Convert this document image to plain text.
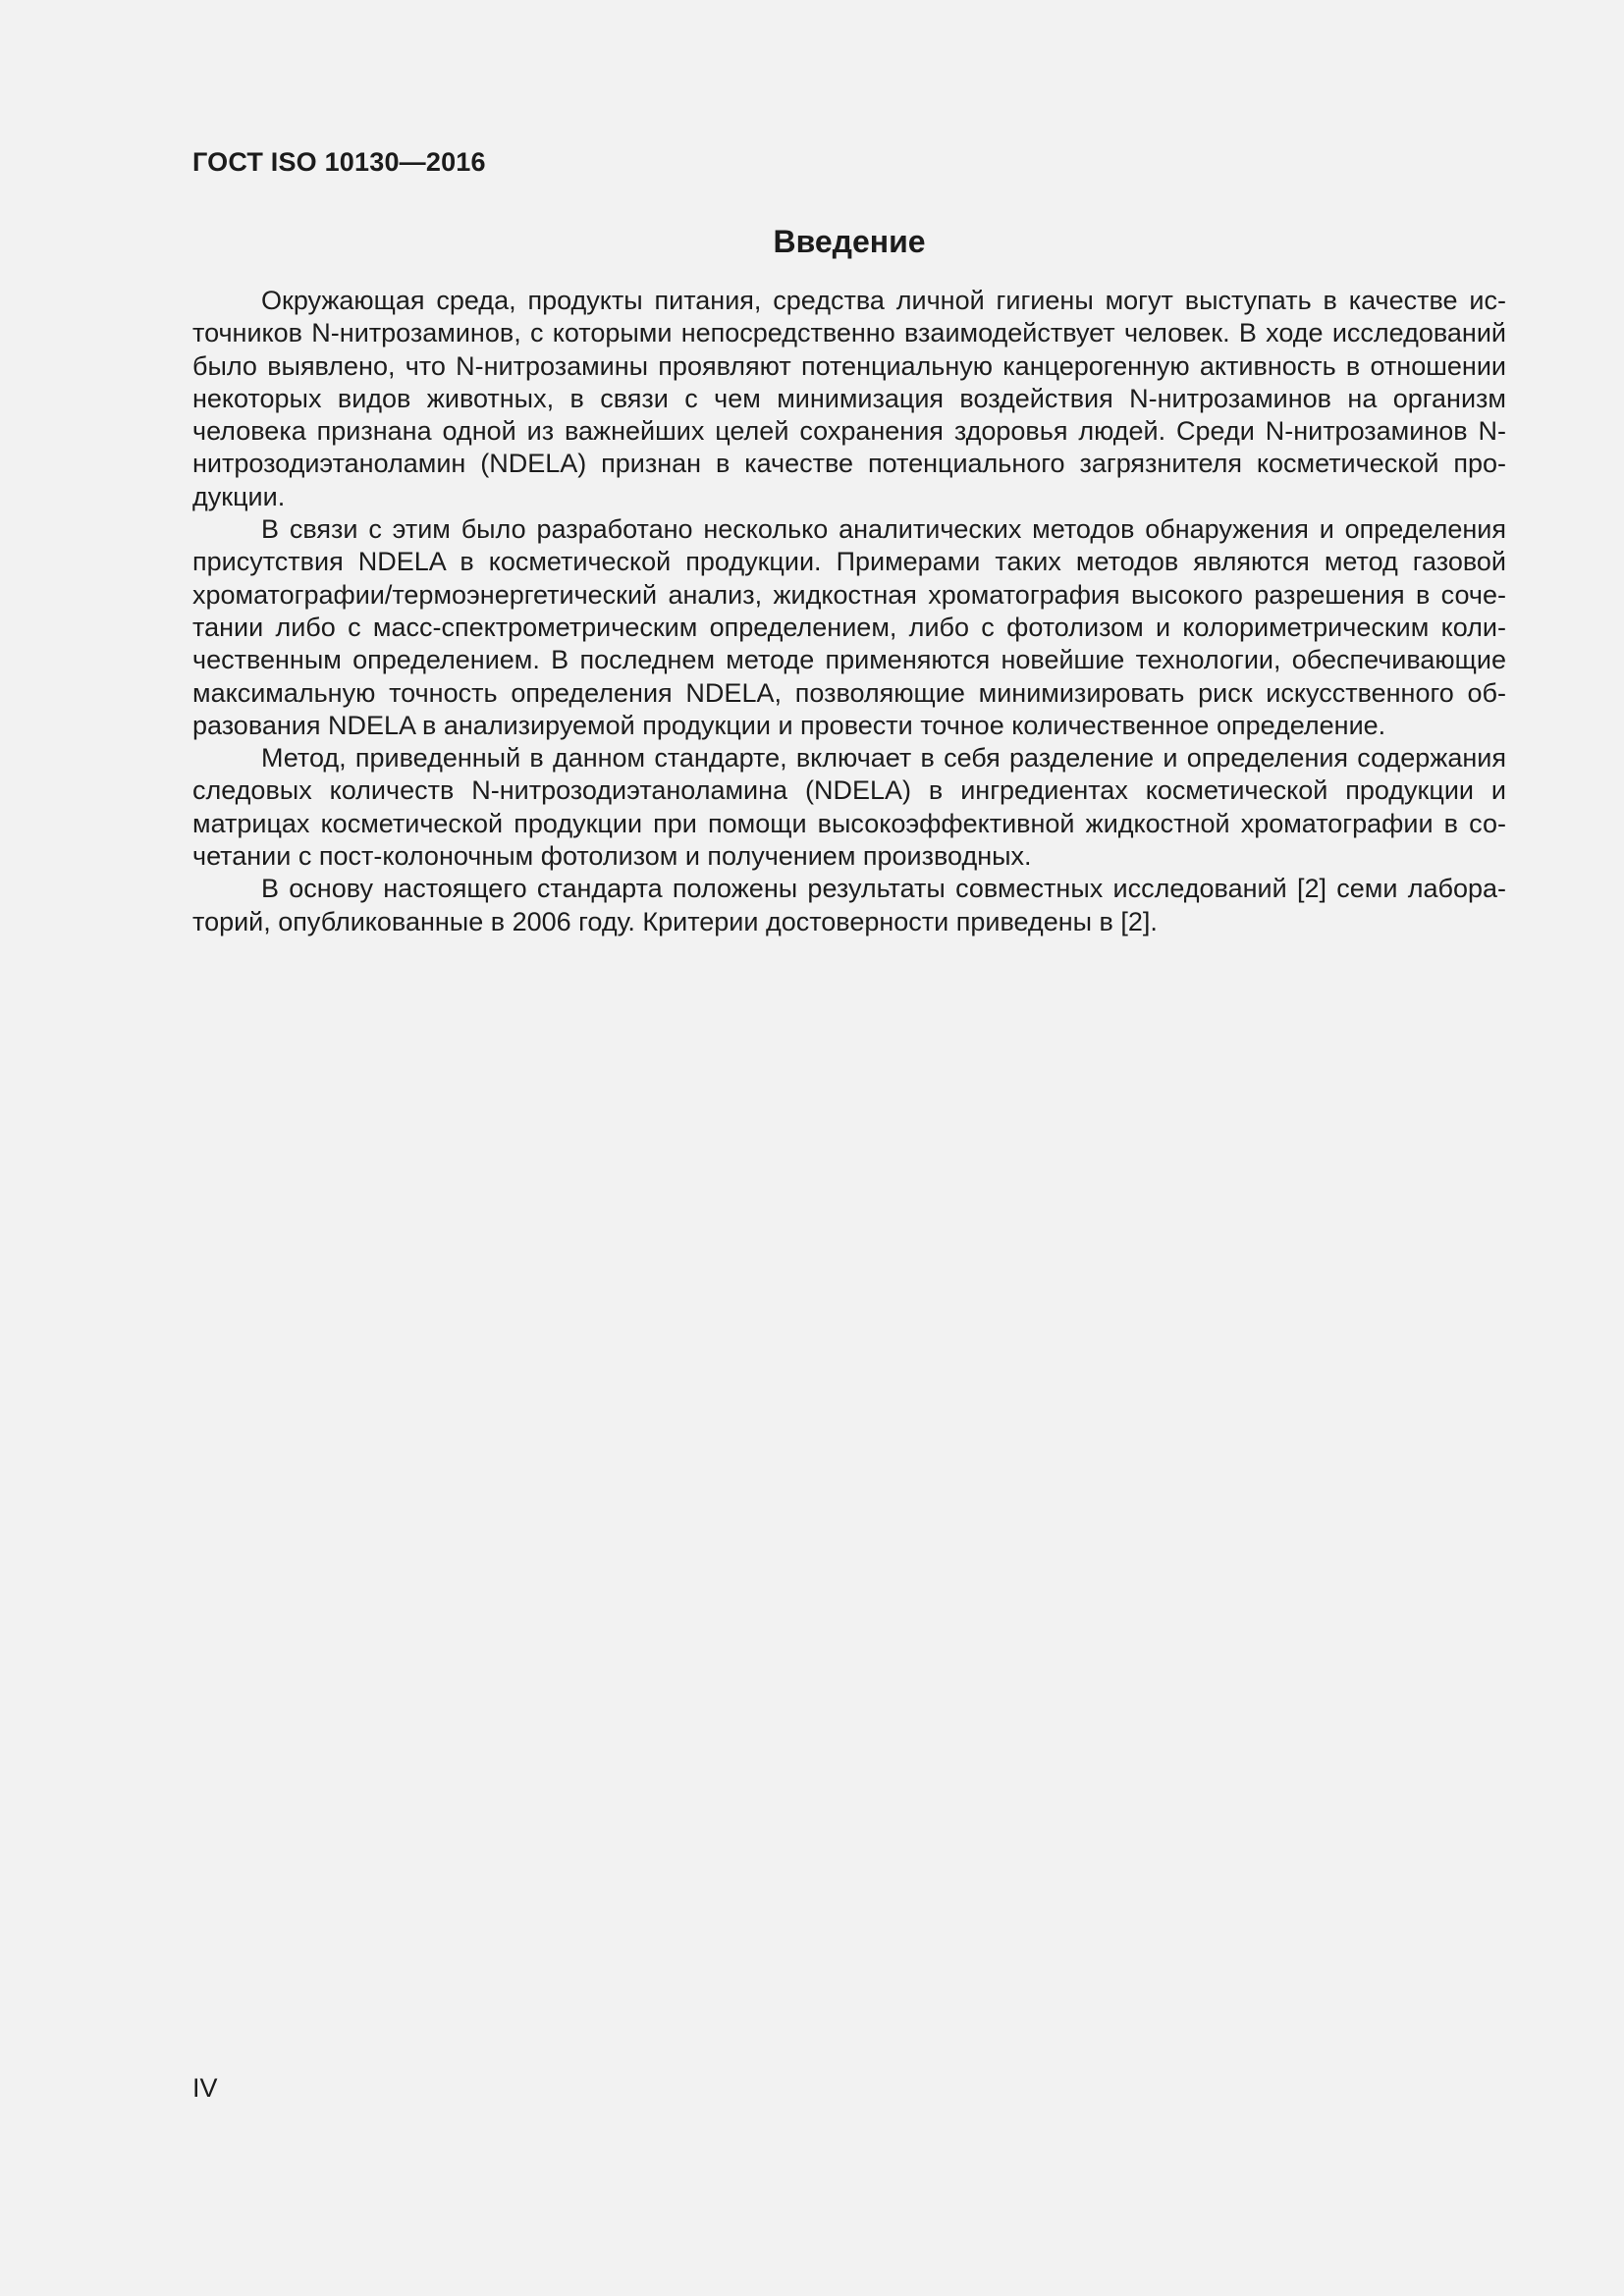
ГОСТ ISO 10130—2016
Введение

Окружающая среда, продукты питания, средства личной гигиены могут выступать в качестве источников N-нитрозаминов, с которыми непосредственно взаимодействует человек. В ходе исследований было выявлено, что N-нитрозамины проявляют потенциальную канцерогенную активность в отношении некоторых видов животных, в связи с чем минимизация воздействия N-нитрозаминов на организм человека признана одной из важнейших целей сохранения здоровья людей. Среди N-нитрозаминов N-нитрозодиэтаноламин (NDELA) признан в качестве потенциального загрязнителя косметической продукции.

В связи с этим было разработано несколько аналитических методов обнаружения и определения присутствия NDELA в косметической продукции. Примерами таких методов являются метод газовой хроматографии/термоэнергетический анализ, жидкостная хроматография высокого разрешения в сочетании либо с масс-спектрометрическим определением, либо с фотолизом и колориметрическим количественным определением. В последнем методе применяются новейшие технологии, обеспечивающие максимальную точность определения NDELA, позволяющие минимизировать риск искусственного образования NDELA в анализируемой продукции и провести точное количественное определение.

Метод, приведенный в данном стандарте, включает в себя разделение и определения содержания следовых количеств N-нитрозодиэтаноламина (NDELA) в ингредиентах косметической продукции и матрицах косметической продукции при помощи высокоэффективной жидкостной хроматографии в сочетании с пост-колоночным фотолизом и получением производных.

В основу настоящего стандарта положены результаты совместных исследований [2] семи лабораторий, опубликованные в 2006 году. Критерии достоверности приведены в [2].

IV
